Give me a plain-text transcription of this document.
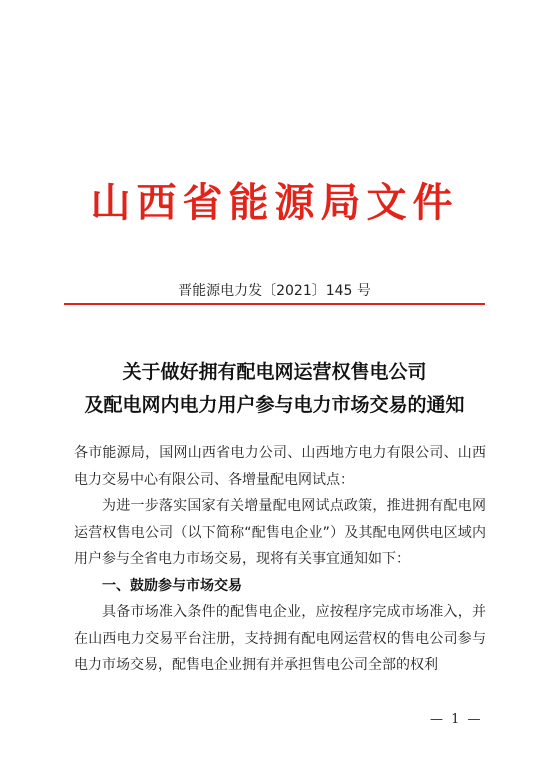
山西省能源局文件
晋能源电力发〔2021〕145 号
关于做好拥有配电网运营权售电公司
及配电网内电力用户参与电力市场交易的通知

各市能源局，国网山西省电力公司、山西地方电力有限公司、山西电力交易中心有限公司、各增量配电网试点：

为进一步落实国家有关增量配电网试点政策，推进拥有配电网运营权售电公司（以下简称“配售电企业”）及其配电网供电区域内用户参与全省电力市场交易，现将有关事宜通知如下：

一、鼓励参与市场交易

具备市场准入条件的配售电企业，应按程序完成市场准入，并在山西电力交易平台注册，支持拥有配电网运营权的售电公司参与电力市场交易，配售电企业拥有并承担售电公司全部的权利

— 1 —
